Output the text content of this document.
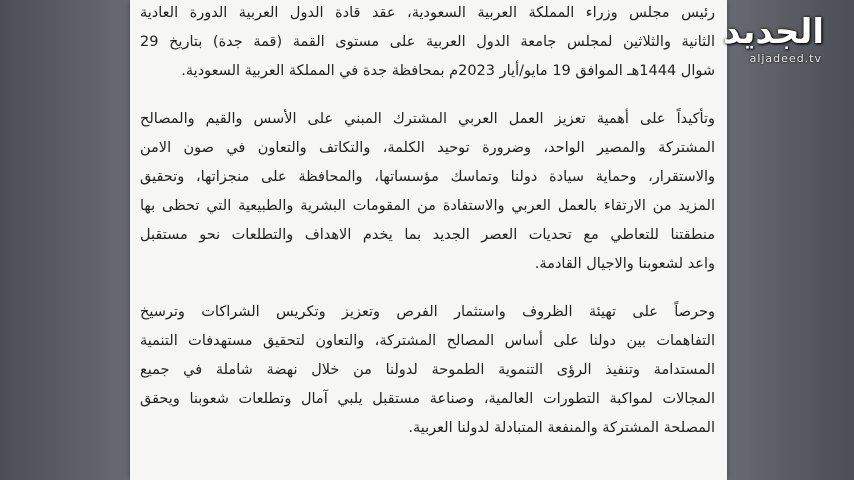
رئيس مجلس وزراء المملكة العربية السعودية، عقد قادة الدول العربية الدورة العادية
الثانية والثلاثين لمجلس جامعة الدول العربية على مستوى القمة (قمة جدة) بتاريخ 29
شوال 1444هـ الموافق 19 مايو/أيار 2023م بمحافظة جدة في المملكة العربية السعودية.

وتأكيداً على أهمية تعزيز العمل العربي المشترك المبني على الأسس والقيم والمصالح
المشتركة والمصير الواحد، وضرورة توحيد الكلمة، والتكاتف والتعاون في صون الامن
والاستقرار، وحماية سيادة دولنا وتماسك مؤسساتها، والمحافظة على منجزاتها، وتحقيق
المزيد من الارتقاء بالعمل العربي والاستفادة من المقومات البشرية والطبيعية التي تحظى بها
منطقتنا للتعاطي مع تحديات العصر الجديد بما يخدم الاهداف والتطلعات نحو مستقبل
واعد لشعوبنا والاجيال القادمة.

وحرصاً على تهيئة الظروف واستثمار الفرص وتعزيز وتكريس الشراكات وترسيخ
التفاهمات بين دولنا على أساس المصالح المشتركة، والتعاون لتحقيق مستهدفات التنمية
المستدامة وتنفيذ الرؤى التنموية الطموحة لدولنا من خلال نهضة شاملة في جميع
المجالات لمواكبة التطورات العالمية، وصناعة مستقبل يلبي آمال وتطلعات شعوبنا ويحقق
المصلحة المشتركة والمنفعة المتبادلة لدولنا العربية.

الجديد
aljadeed.tv
